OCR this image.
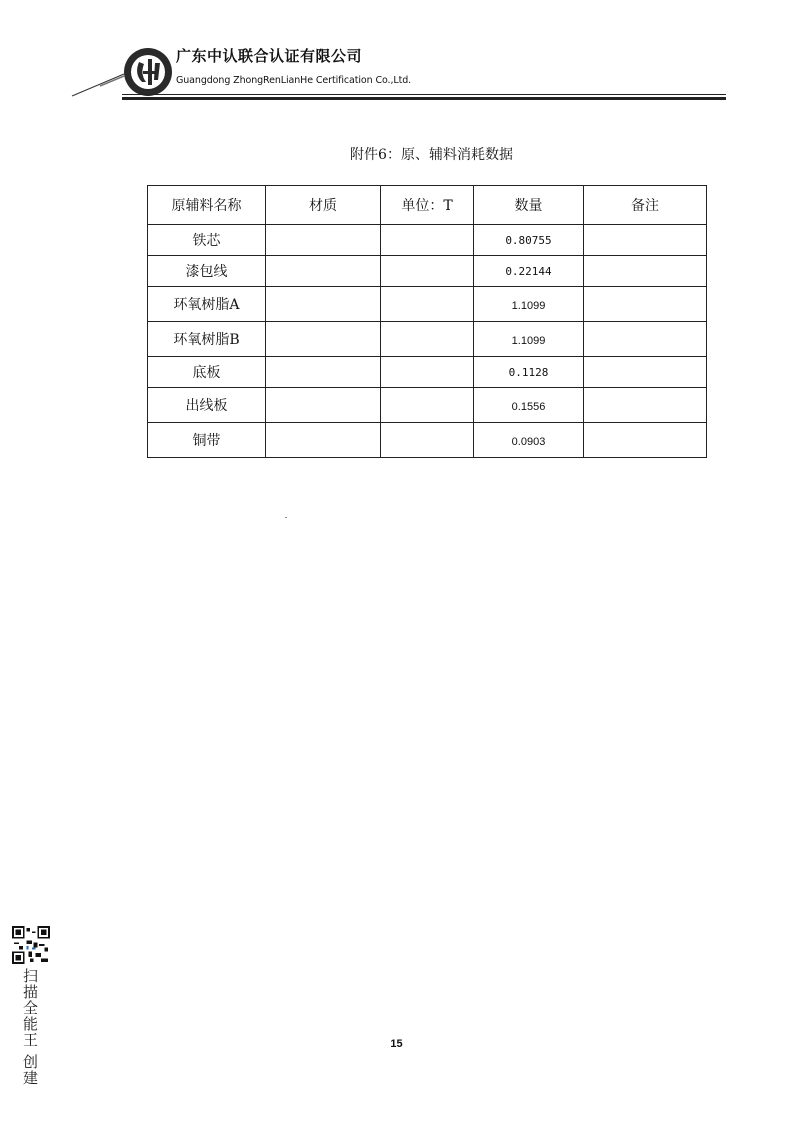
广东中认联合认证有限公司
Guangdong ZhongRenLianHe Certification Co.,Ltd.
附件6：原、辅料消耗数据
原辅料名称	材质	单位：T	数量	备注
铁芯			0.80755	
漆包线			0.22144	
环氧树脂A			1.1099	
环氧树脂B			1.1099	
底板			0.1128	
出线板			0.1556	
铜带			0.0903	
扫描全能王 创建	15
